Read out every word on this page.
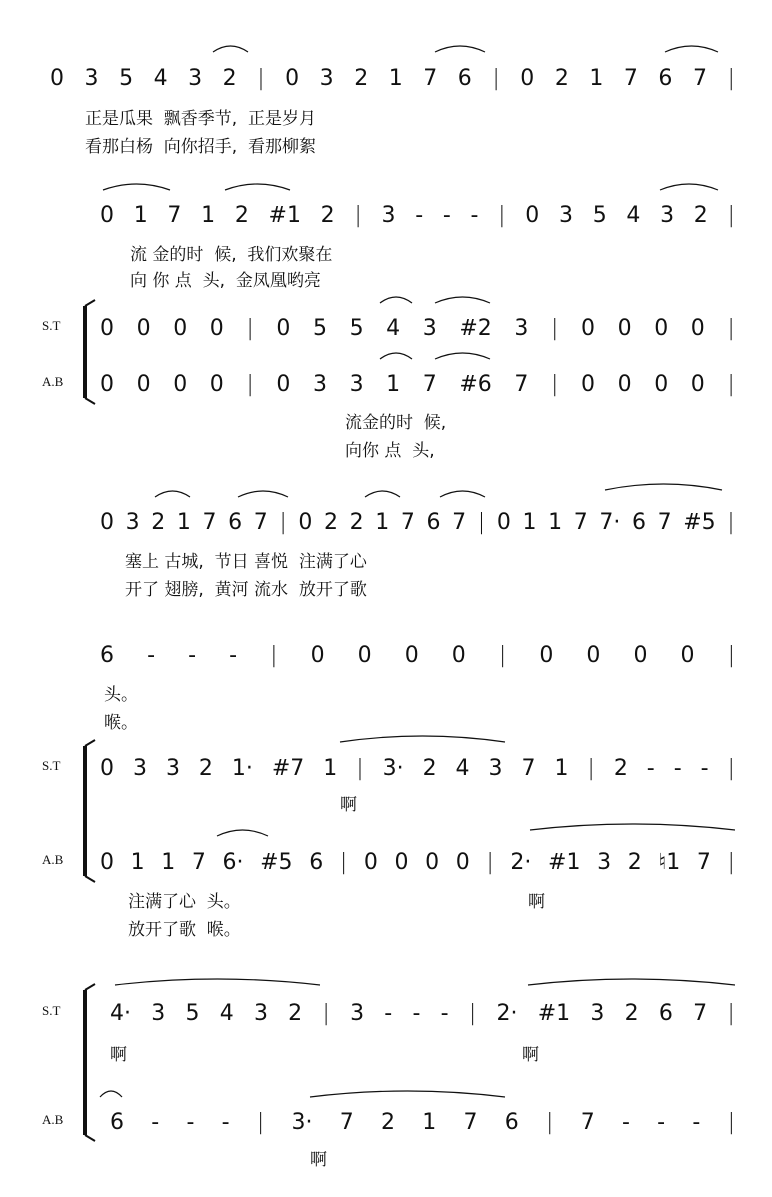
0 3 5 4 3 2 | 0 3 2 1 7 6 | 0 2 1 7 6 7 |
正是瓜果  飘香季节,  正是岁月
看那白杨  向你招手,  看那柳絮
0 1 7 1 2 #1 2 | 3 - - - | 0 3 5 4 3 2 |
流 金的时  候,  我们欢聚在
向 你 点  头,  金凤凰哟亮
S.T
A.B
0 0 0 0 | 0 5 5 4 3 #2 3 | 0 0 0 0 |
0 0 0 0 | 0 3 3 1 7 #6 7 | 0 0 0 0 |
流金的时  候,
向你 点  头,
0 3 2 1 7 6 7 | 0 2 2 1 7 6 7 | 0 1 1 7 7· 6 7 #5 |
塞上 古城,  节日 喜悦  注满了心
开了 翅膀,  黄河 流水  放开了歌
6 - - - | 0 0 0 0 | 0 0 0 0 |
头。
喉。
S.T
A.B
0 3 3 2 1· #7 1 | 3· 2 4 3 7 1 | 2 - - - |
啊
0 1 1 7 6· #5 6 | 0 0 0 0 | 2· #1 3 2 ♮1 7 |
注满了心  头。
放开了歌  喉。
啊
S.T
A.B
4· 3 5 4 3 2 | 3 - - - | 2· #1 3 2 6 7 |
啊	啊
6 - - - | 3· 7 2 1 7 6 | 7 - - - |
啊
